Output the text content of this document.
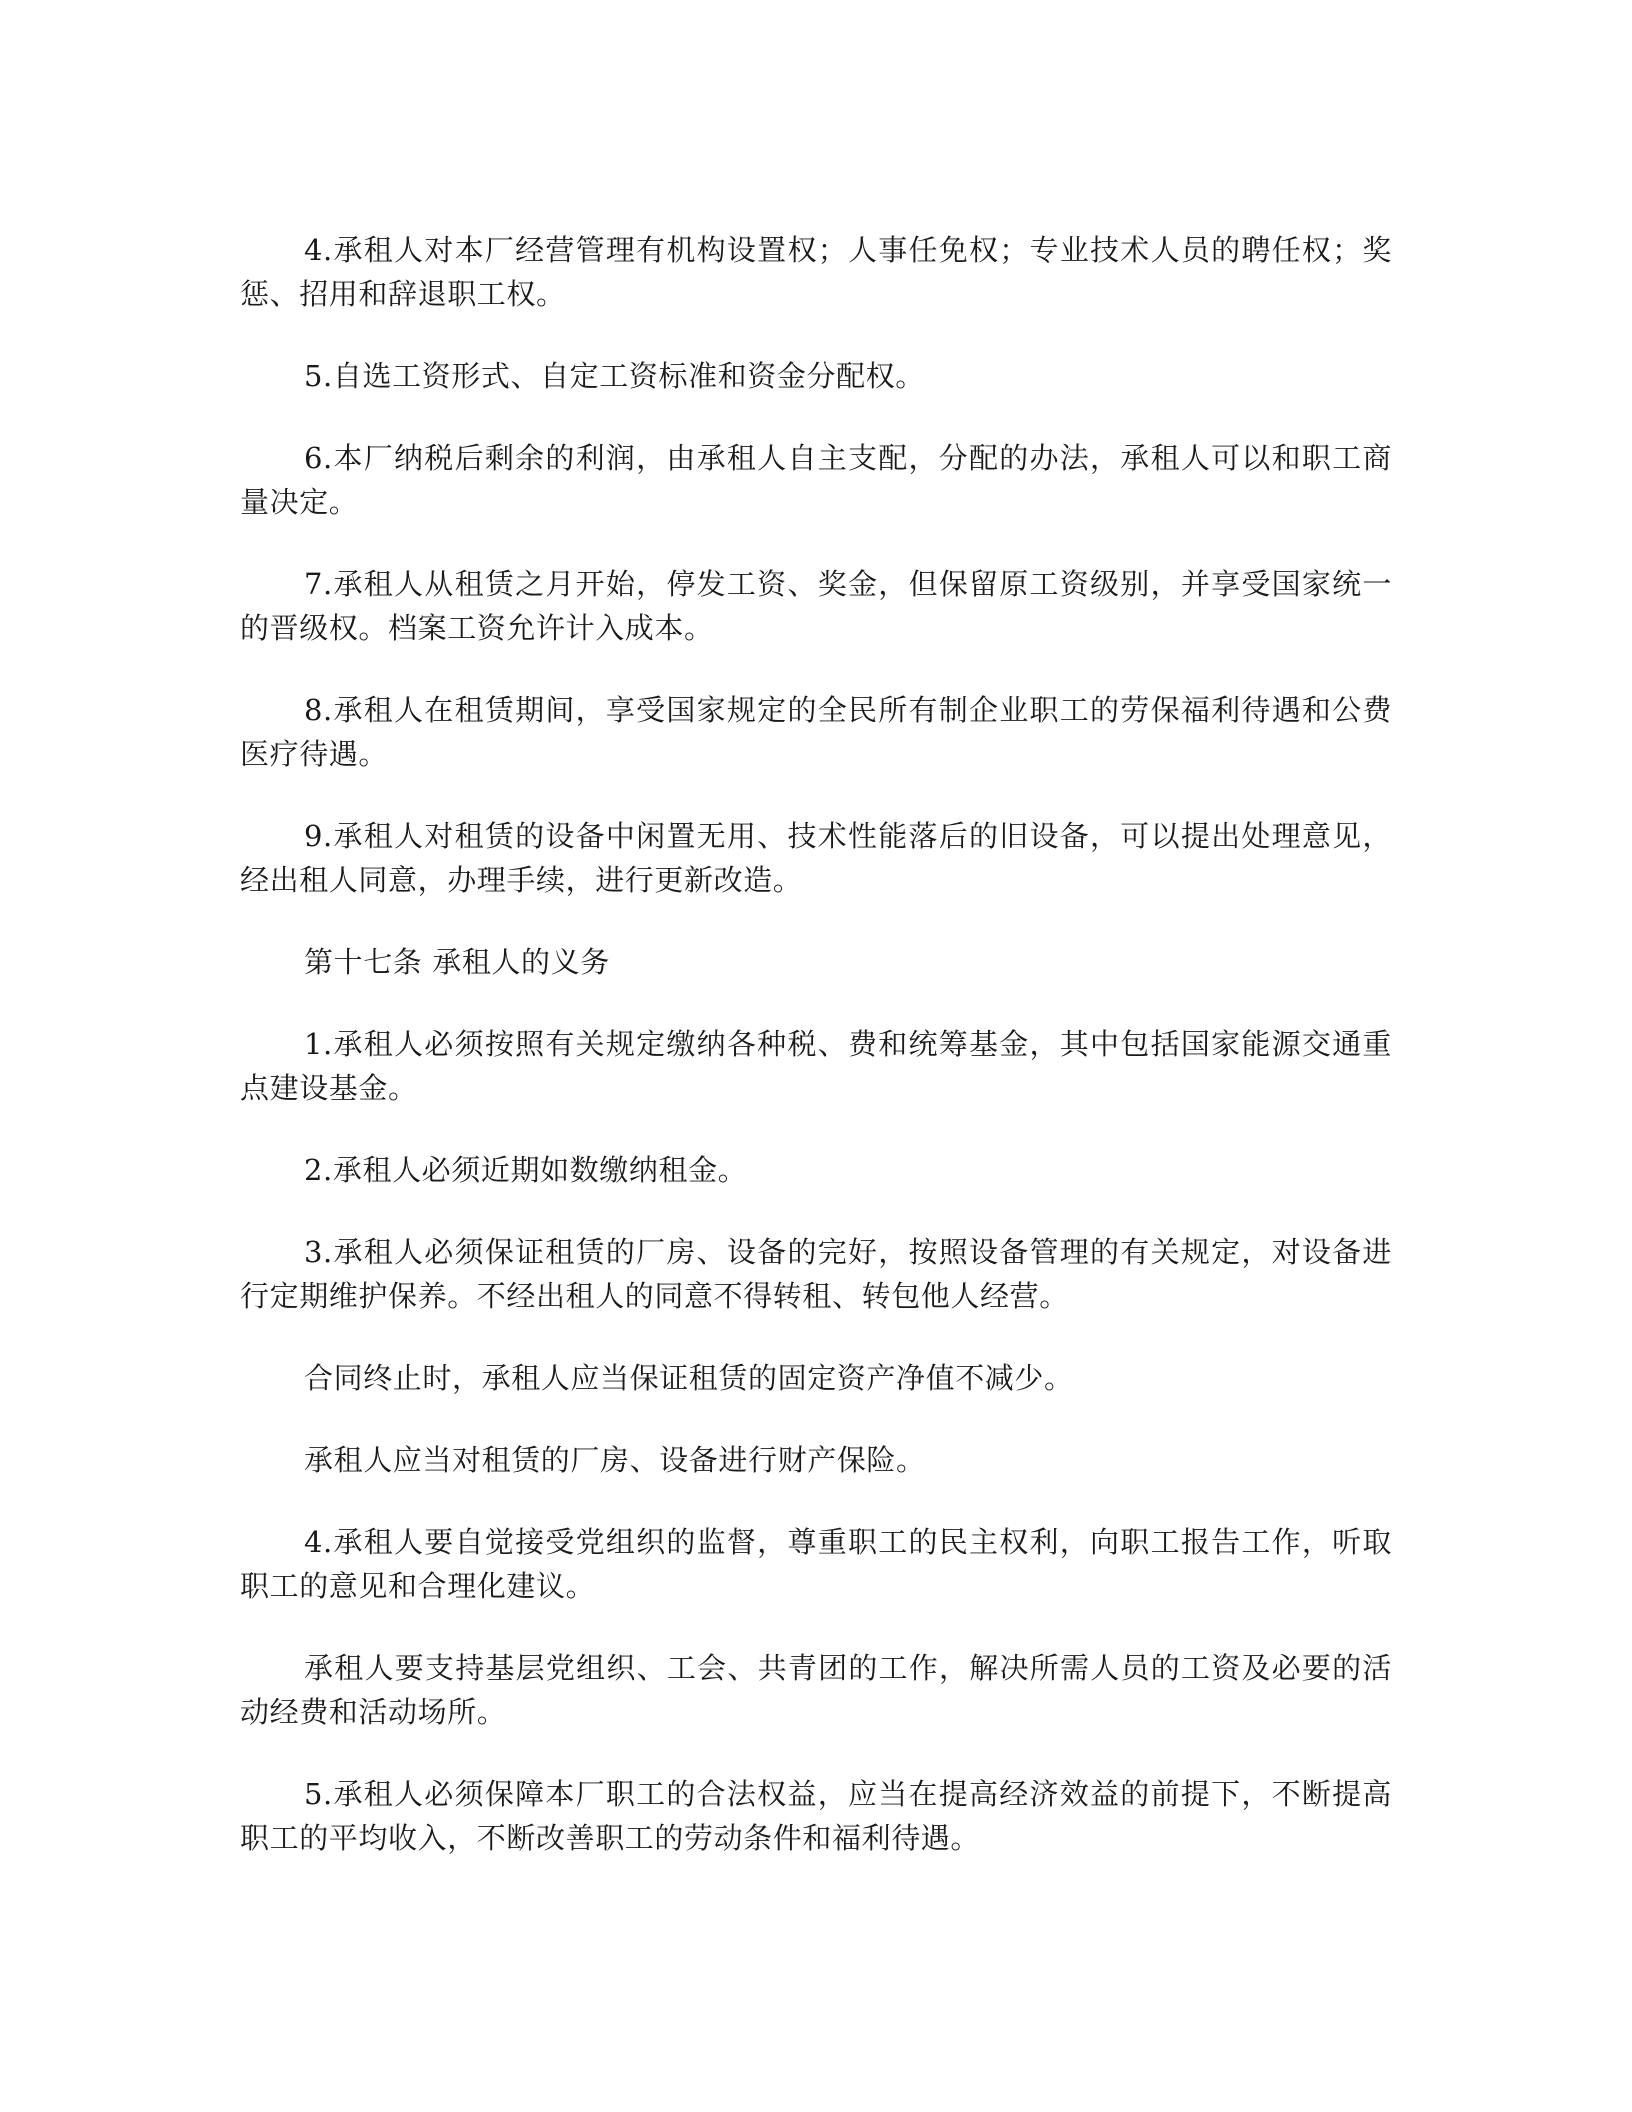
4.承租人对本厂经营管理有机构设置权；人事任免权；专业技术人员的聘任权；奖惩、招用和辞退职工权。

5.自选工资形式、自定工资标准和资金分配权。

6.本厂纳税后剩余的利润，由承租人自主支配，分配的办法，承租人可以和职工商量决定。

7.承租人从租赁之月开始，停发工资、奖金，但保留原工资级别，并享受国家统一的晋级权。档案工资允许计入成本。

8.承租人在租赁期间，享受国家规定的全民所有制企业职工的劳保福利待遇和公费医疗待遇。

9.承租人对租赁的设备中闲置无用、技术性能落后的旧设备，可以提出处理意见，经出租人同意，办理手续，进行更新改造。

第十七条 承租人的义务

1.承租人必须按照有关规定缴纳各种税、费和统筹基金，其中包括国家能源交通重点建设基金。

2.承租人必须近期如数缴纳租金。

3.承租人必须保证租赁的厂房、设备的完好，按照设备管理的有关规定，对设备进行定期维护保养。不经出租人的同意不得转租、转包他人经营。

合同终止时，承租人应当保证租赁的固定资产净值不减少。

承租人应当对租赁的厂房、设备进行财产保险。

4.承租人要自觉接受党组织的监督，尊重职工的民主权利，向职工报告工作，听取职工的意见和合理化建议。

承租人要支持基层党组织、工会、共青团的工作，解决所需人员的工资及必要的活动经费和活动场所。

5.承租人必须保障本厂职工的合法权益，应当在提高经济效益的前提下，不断提高职工的平均收入，不断改善职工的劳动条件和福利待遇。
